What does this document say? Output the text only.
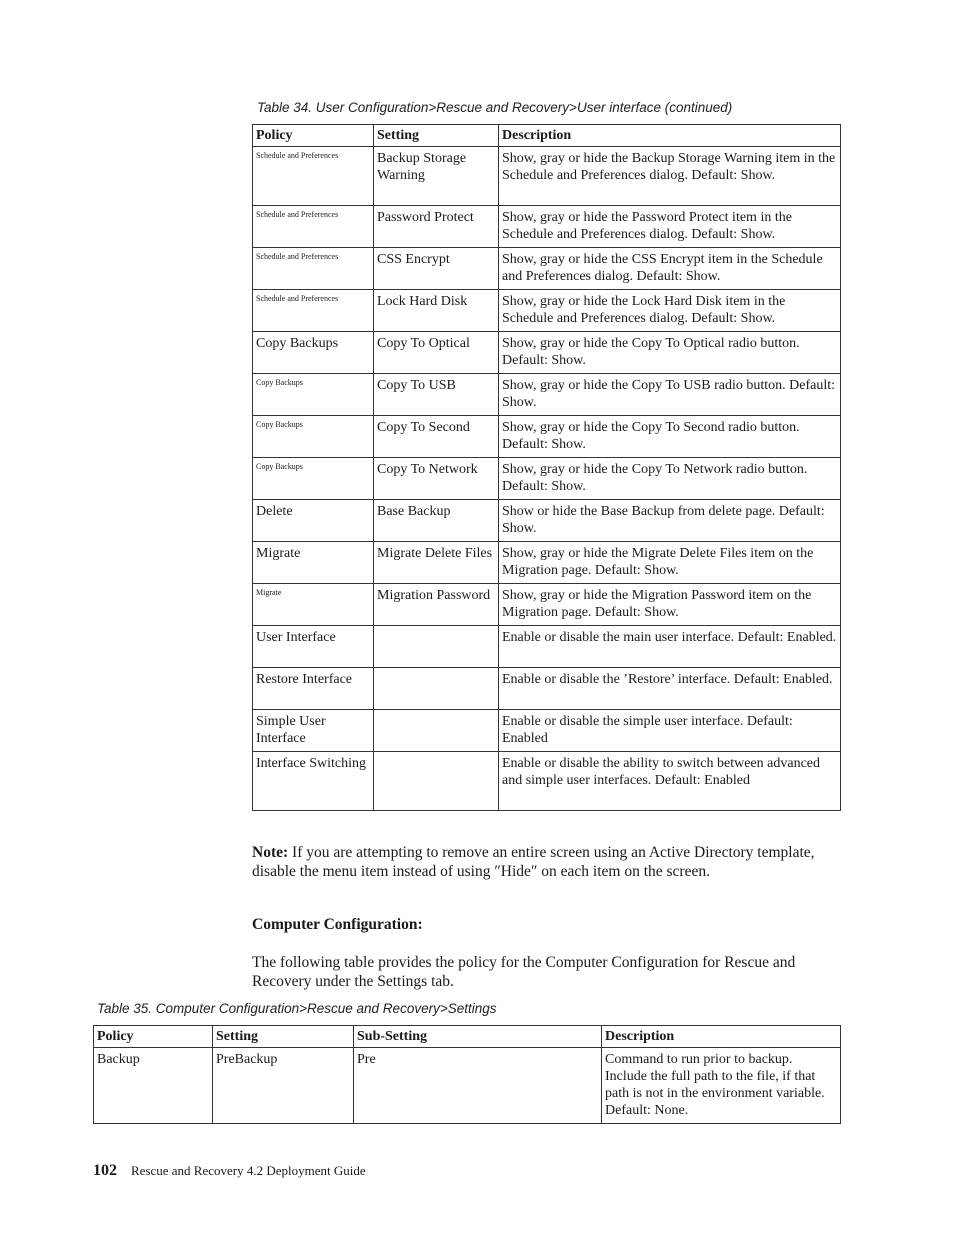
Table 34. User Configuration>Rescue and Recovery>User interface (continued)
Policy	Setting	Description
Schedule and Preferences	Backup Storage Warning	Show, gray or hide the Backup Storage Warning item in the Schedule and Preferences dialog. Default: Show.
Schedule and Preferences	Password Protect	Show, gray or hide the Password Protect item in the Schedule and Preferences dialog. Default: Show.
Schedule and Preferences	CSS Encrypt	Show, gray or hide the CSS Encrypt item in the Schedule and Preferences dialog. Default: Show.
Schedule and Preferences	Lock Hard Disk	Show, gray or hide the Lock Hard Disk item in the Schedule and Preferences dialog. Default: Show.
Copy Backups	Copy To Optical	Show, gray or hide the Copy To Optical radio button. Default: Show.
Copy Backups	Copy To USB	Show, gray or hide the Copy To USB radio button. Default: Show.
Copy Backups	Copy To Second	Show, gray or hide the Copy To Second radio button. Default: Show.
Copy Backups	Copy To Network	Show, gray or hide the Copy To Network radio button. Default: Show.
Delete	Base Backup	Show or hide the Base Backup from delete page. Default: Show.
Migrate	Migrate Delete Files	Show, gray or hide the Migrate Delete Files item on the Migration page. Default: Show.
Migrate	Migration Password	Show, gray or hide the Migration Password item on the Migration page. Default: Show.
User Interface		Enable or disable the main user interface. Default: Enabled.
Restore Interface		Enable or disable the ’Restore’ interface. Default: Enabled.
Simple User Interface		Enable or disable the simple user interface. Default: Enabled
Interface Switching		Enable or disable the ability to switch between advanced and simple user interfaces. Default: Enabled

Note: If you are attempting to remove an entire screen using an Active Directory template, disable the menu item instead of using ″Hide″ on each item on the screen.

Computer Configuration:

The following table provides the policy for the Computer Configuration for Rescue and Recovery under the Settings tab.

Table 35. Computer Configuration>Rescue and Recovery>Settings
Policy	Setting	Sub-Setting	Description
Backup	PreBackup	Pre	Command to run prior to backup. Include the full path to the file, if that path is not in the environment variable. Default: None.
102 Rescue and Recovery 4.2 Deployment Guide
